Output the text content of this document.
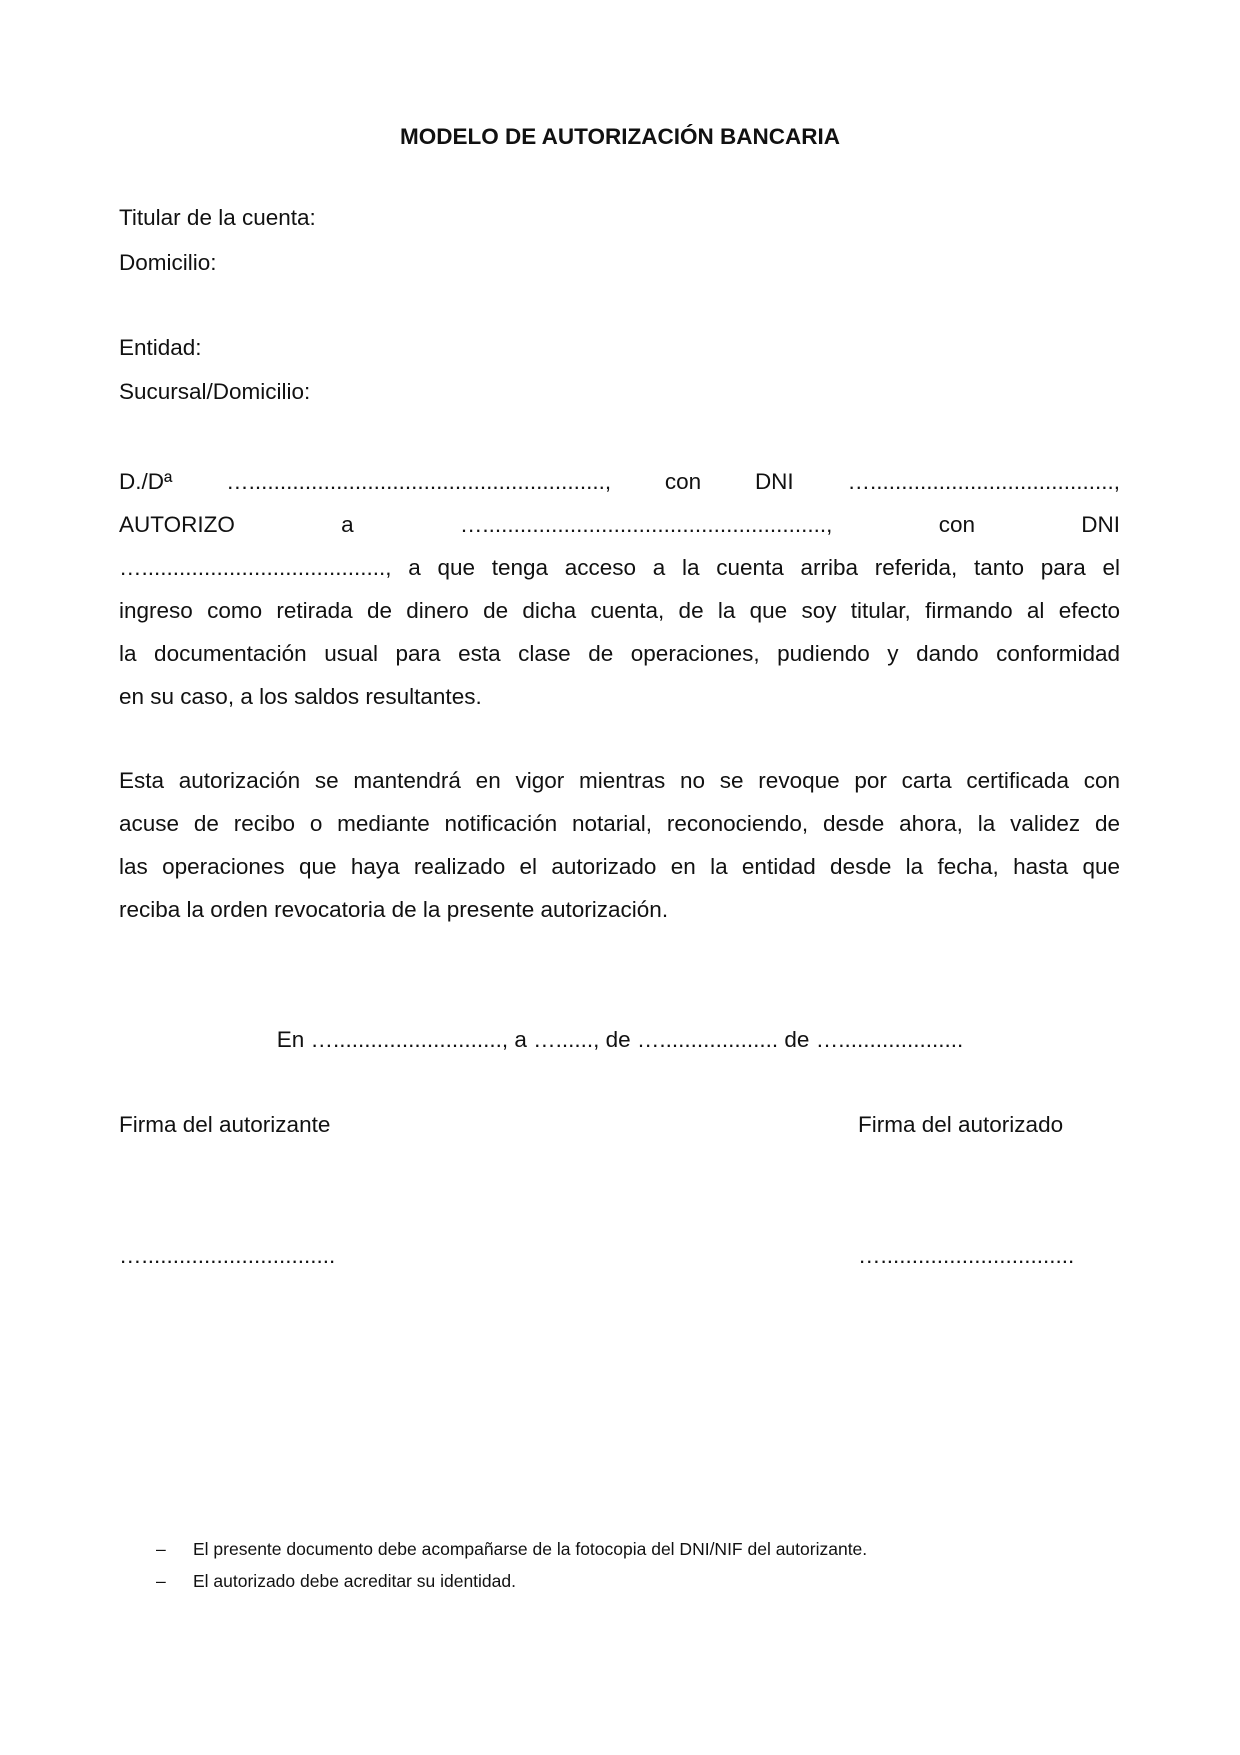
MODELO DE AUTORIZACIÓN BANCARIA

Titular de la cuenta:

Domicilio:

Entidad:

Sucursal/Domicilio:

D./Dª …........................................................., con DNI ….......................................,
AUTORIZO	a	….......................................................,	con	DNI
…......................................., a que tenga acceso a la cuenta arriba referida, tanto para el
ingreso como retirada de dinero de dicha cuenta, de la que soy titular, firmando al efecto
la documentación usual para esta clase de operaciones, pudiendo y dando conformidad
en su caso, a los saldos resultantes.
Esta autorización se mantendrá en vigor mientras no se revoque por carta certificada con
acuse de recibo o mediante notificación notarial, reconociendo, desde ahora, la validez de
las operaciones que haya realizado el autorizado en la entidad desde la fecha, hasta que
reciba la orden revocatoria de la presente autorización.

En …..........................., a …......, de …................... de …....................

Firma del autorizante	Firma del autorizado

…...............................	…...............................

–	El presente documento debe acompañarse de la fotocopia del DNI/NIF del autorizante.
–	El autorizado debe acreditar su identidad.
